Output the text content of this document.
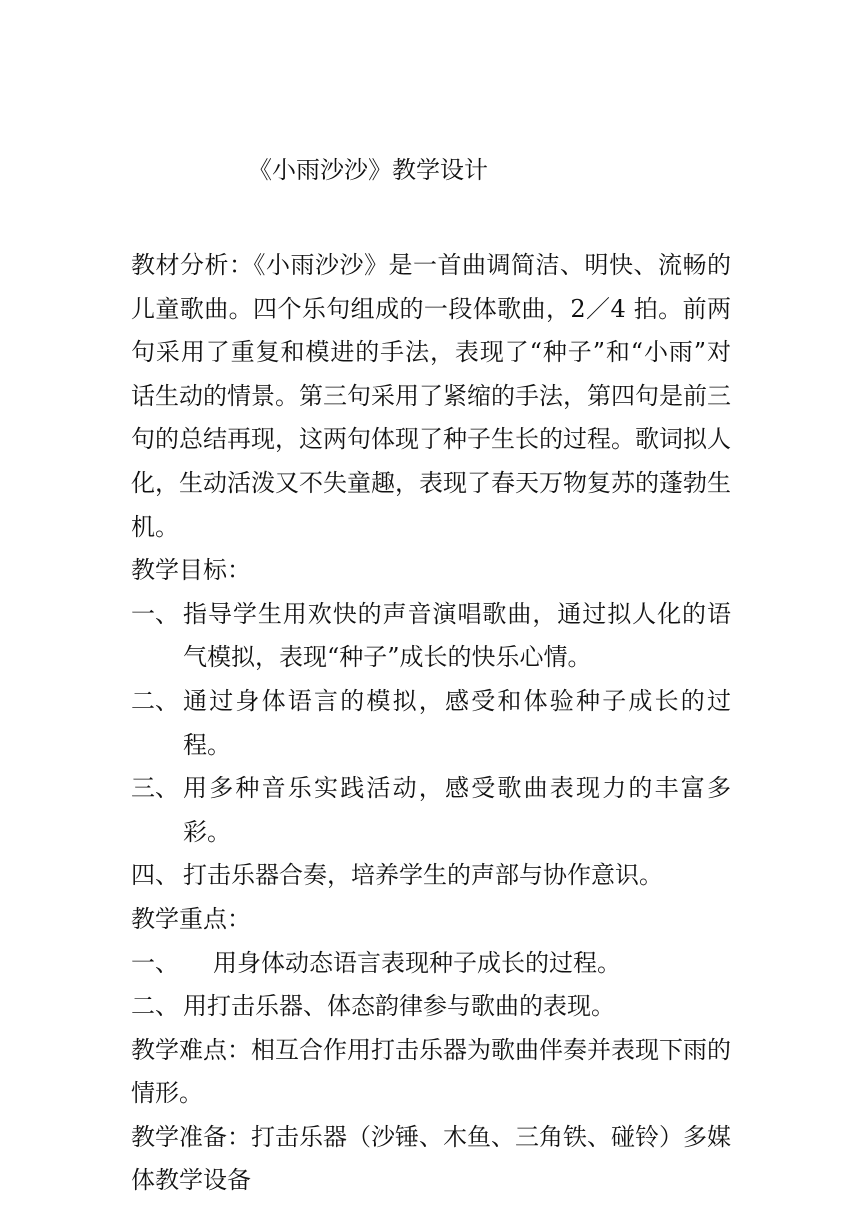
《小雨沙沙》教学设计

教材分析：《小雨沙沙》是一首曲调简洁、明快、流畅的儿童歌曲。四个乐句组成的一段体歌曲，2／4 拍。前两句采用了重复和模进的手法，表现了“种子”和“小雨”对话生动的情景。第三句采用了紧缩的手法，第四句是前三句的总结再现，这两句体现了种子生长的过程。歌词拟人化，生动活泼又不失童趣，表现了春天万物复苏的蓬勃生机。

教学目标：

一、 指导学生用欢快的声音演唱歌曲，通过拟人化的语气模拟，表现“种子”成长的快乐心情。
二、 通过身体语言的模拟，感受和体验种子成长的过程。
三、 用多种音乐实践活动，感受歌曲表现力的丰富多彩。
四、 打击乐器合奏，培养学生的声部与协作意识。

教学重点：

一、	用身体动态语言表现种子成长的过程。
二、 用打击乐器、体态韵律参与歌曲的表现。

教学难点：相互合作用打击乐器为歌曲伴奏并表现下雨的情形。

教学准备：打击乐器（沙锤、木鱼、三角铁、碰铃）多媒体教学设备
